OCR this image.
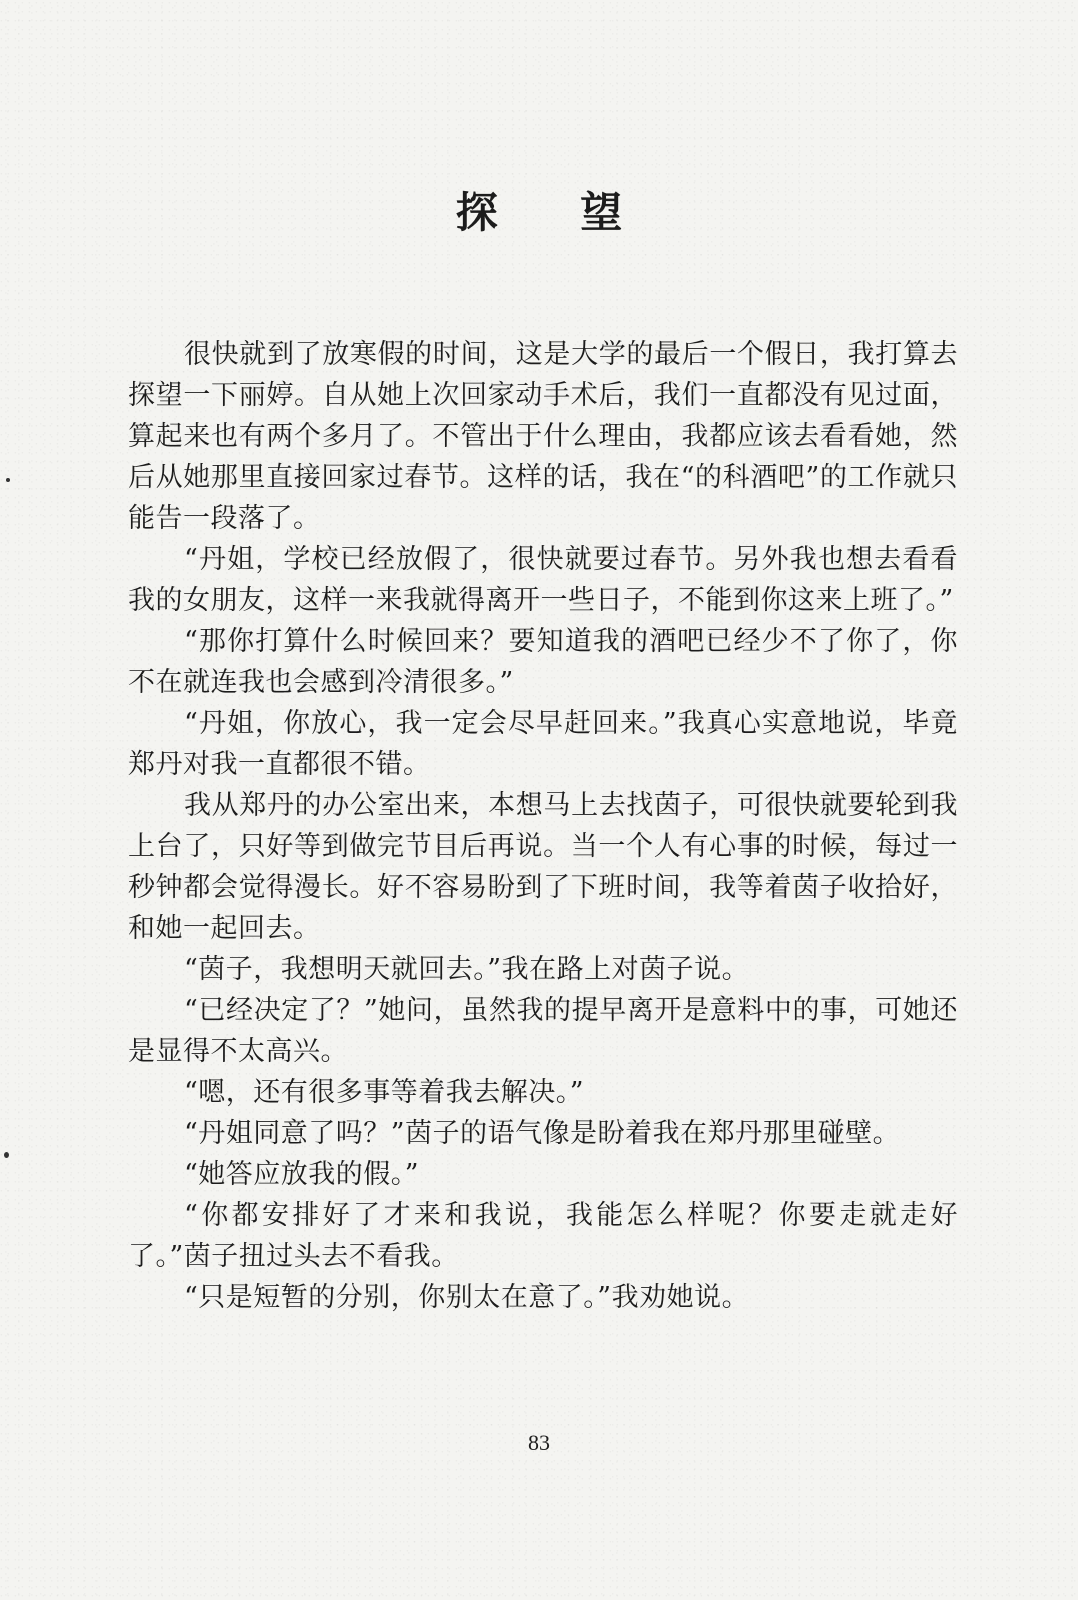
探 望

很快就到了放寒假的时间，这是大学的最后一个假日，我打算去探望一下丽婷。自从她上次回家动手术后，我们一直都没有见过面，算起来也有两个多月了。不管出于什么理由，我都应该去看看她，然后从她那里直接回家过春节。这样的话，我在“的科酒吧”的工作就只能告一段落了。

“丹姐，学校已经放假了，很快就要过春节。另外我也想去看看我的女朋友，这样一来我就得离开一些日子，不能到你这来上班了。”

“那你打算什么时候回来？要知道我的酒吧已经少不了你了，你不在就连我也会感到冷清很多。”

“丹姐，你放心，我一定会尽早赶回来。”我真心实意地说，毕竟郑丹对我一直都很不错。

我从郑丹的办公室出来，本想马上去找茵子，可很快就要轮到我上台了，只好等到做完节目后再说。当一个人有心事的时候，每过一秒钟都会觉得漫长。好不容易盼到了下班时间，我等着茵子收拾好，和她一起回去。

“茵子，我想明天就回去。”我在路上对茵子说。

“已经决定了？”她问，虽然我的提早离开是意料中的事，可她还是显得不太高兴。

“嗯，还有很多事等着我去解决。”

“丹姐同意了吗？”茵子的语气像是盼着我在郑丹那里碰壁。

“她答应放我的假。”

“你都安排好了才来和我说，我能怎么样呢？你要走就走好了。”茵子扭过头去不看我。

“只是短暂的分别，你别太在意了。”我劝她说。

83
